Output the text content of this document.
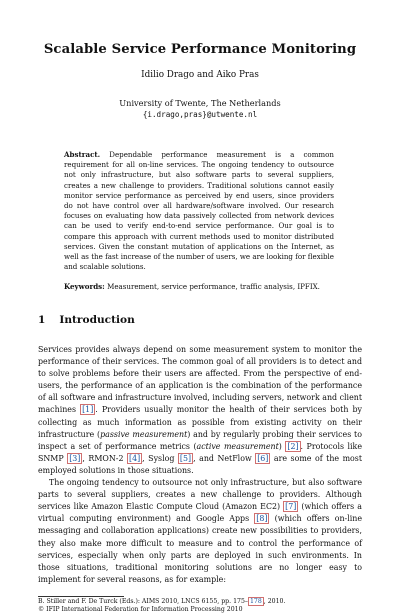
Scalable Service Performance Monitoring
Idilio Drago and Aiko Pras
University of Twente, The Netherlands
{i.drago,pras}@utwente.nl

Abstract. Dependable performance measurement is a common requirement for all on-line services. The ongoing tendency to outsource not only infrastructure, but also software parts to several suppliers, creates a new challenge to providers. Traditional solutions cannot easily monitor service performance as perceived by end users, since providers do not have control over all hardware/software involved. Our research focuses on evaluating how data passively collected from network devices can be used to verify end-to-end service performance. Our goal is to compare this approach with current methods used to monitor distributed services. Given the constant mutation of applications on the Internet, as well as the fast increase of the number of users, we are looking for flexible and scalable solutions.

Keywords: Measurement, service performance, traffic analysis, IPFIX.

1 Introduction

Services provides always depend on some measurement system to monitor the performance of their services. The common goal of all providers is to detect and to solve problems before their users are affected. From the perspective of end-users, the performance of an application is the combination of the performance of all software and infrastructure involved, including servers, network and client machines [1] . Providers usually monitor the health of their services both by collecting as much information as possible from existing activity on their infrastructure (passive measurement) and by regularly probing their services to inspect a set of performance metrics (active measurement) [2] . Protocols like SNMP [3] , RMON-2 [4] , Syslog [5] , and NetFlow [6] are some of the most employed solutions in those situations.

The ongoing tendency to outsource not only infrastructure, but also software parts to several suppliers, creates a new challenge to providers. Although services like Amazon Elastic Compute Cloud (Amazon EC2) [7] (which offers a virtual computing environment) and Google Apps [8] (which offers on-line messaging and collaboration applications) create new possibilities to providers, they also make more difficult to measure and to control the performance of services, especially when only parts are deployed in such environments. In those situations, traditional monitoring solutions are no longer easy to implement for several reasons, as for example:

B. Stiller and F. De Turck (Eds.): AIMS 2010, LNCS 6155, pp. 175– 178 , 2010.
© IFIP International Federation for Information Processing 2010
